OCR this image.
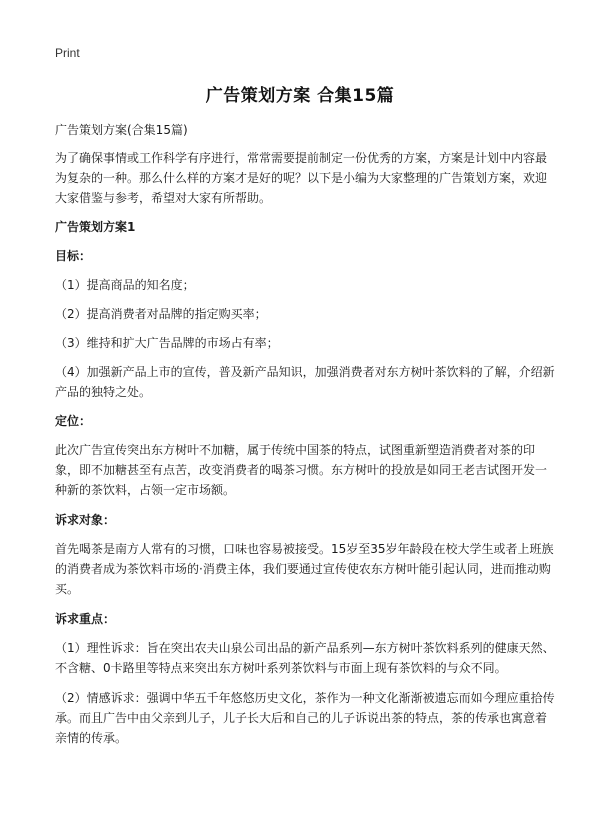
Print
广告策划方案 合集15篇

广告策划方案(合集15篇)

为了确保事情或工作科学有序进行，常常需要提前制定一份优秀的方案，方案是计划中内容最为复杂的一种。那么什么样的方案才是好的呢？以下是小编为大家整理的广告策划方案，欢迎大家借鉴与参考，希望对大家有所帮助。

广告策划方案1

目标：

（1）提高商品的知名度；

（2）提高消费者对品牌的指定购买率；

（3）维持和扩大广告品牌的市场占有率；

（4）加强新产品上市的宣传，普及新产品知识，加强消费者对东方树叶茶饮料的了解，介绍新产品的独特之处。

定位：

此次广告宣传突出东方树叶不加糖，属于传统中国茶的特点，试图重新塑造消费者对茶的印象，即不加糖甚至有点苦，改变消费者的喝茶习惯。东方树叶的投放是如同王老吉试图开发一种新的茶饮料，占领一定市场额。

诉求对象：

首先喝茶是南方人常有的习惯，口味也容易被接受。15岁至35岁年龄段在校大学生或者上班族的消费者成为茶饮料市场的·消费主体，我们要通过宣传使农东方树叶能引起认同，进而推动购买。

诉求重点：

（1）理性诉求：旨在突出农夫山泉公司出品的新产品系列—东方树叶茶饮料系列的健康天然、不含糖、0卡路里等特点来突出东方树叶系列茶饮料与市面上现有茶饮料的与众不同。

（2）情感诉求：强调中华五千年悠悠历史文化，茶作为一种文化渐渐被遗忘而如今理应重拾传承。而且广告中由父亲到儿子，儿子长大后和自己的儿子诉说出茶的特点，茶的传承也寓意着亲情的传承。
